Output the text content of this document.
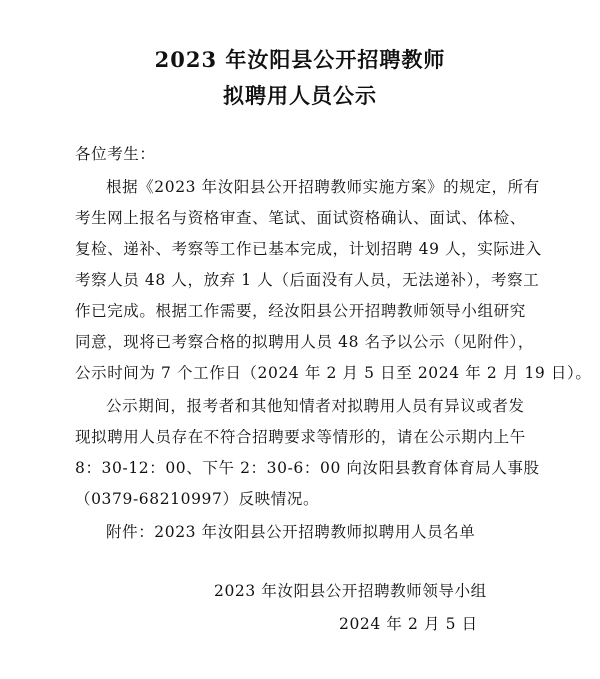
2023 年汝阳县公开招聘教师
拟聘用人员公示
各位考生：
根据《2023 年汝阳县公开招聘教师实施方案》的规定，所有
考生网上报名与资格审查、笔试、面试资格确认、面试、体检、
复检、递补、考察等工作已基本完成，计划招聘 49 人，实际进入
考察人员 48 人，放弃 1 人（后面没有人员，无法递补），考察工
作已完成。根据工作需要，经汝阳县公开招聘教师领导小组研究
同意，现将已考察合格的拟聘用人员 48 名予以公示（见附件），
公示时间为 7 个工作日（2024 年 2 月 5 日至 2024 年 2 月 19 日）。
公示期间，报考者和其他知情者对拟聘用人员有异议或者发
现拟聘用人员存在不符合招聘要求等情形的，请在公示期内上午
8：30-12：00、下午 2：30-6：00 向汝阳县教育体育局人事股
（0379-68210997）反映情况。
附件：2023 年汝阳县公开招聘教师拟聘用人员名单
2023 年汝阳县公开招聘教师领导小组
2024 年 2 月 5 日
